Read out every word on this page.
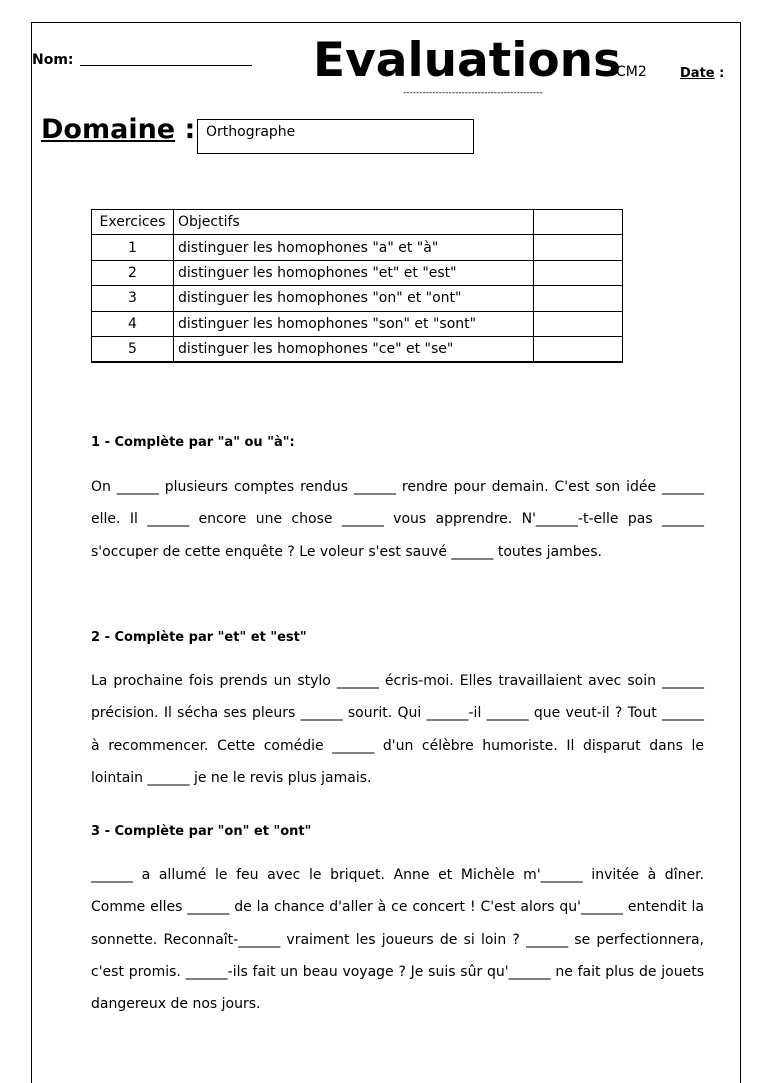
Nom:	Evaluations
CM2	Date :
-------------------------------------------
Domaine : Orthographe
Exercices	Objectifs	
1	distinguer les homophones "a" et "à"	
2	distinguer les homophones "et" et "est"	
3	distinguer les homophones "on" et "ont"	
4	distinguer les homophones "son" et "sont"	
5	distinguer les homophones "ce" et "se"	
1 - Complète par "a" ou "à":
On ______ plusieurs comptes rendus ______ rendre pour demain. C'est son idée ______ elle. Il ______ encore une chose ______ vous apprendre. N'______-t-elle pas ______ s'occuper de cette enquête ? Le voleur s'est sauvé ______ toutes jambes.
2 - Complète par "et" et "est"
La prochaine fois prends un stylo ______ écris-moi. Elles travaillaient avec soin ______ précision. Il sécha ses pleurs ______ sourit. Qui ______-il ______ que veut-il ? Tout ______ à recommencer. Cette comédie ______ d'un célèbre humoriste. Il disparut dans le lointain ______ je ne le revis plus jamais.
3 - Complète par "on" et "ont"
______ a allumé le feu avec le briquet. Anne et Michèle m'______ invitée à dîner. Comme elles ______ de la chance d'aller à ce concert ! C'est alors qu'______ entendit la sonnette. Reconnaît-______ vraiment les joueurs de si loin ? ______ se perfectionnera, c'est promis. ______-ils fait un beau voyage ? Je suis sûr qu'______ ne fait plus de jouets dangereux de nos jours.
